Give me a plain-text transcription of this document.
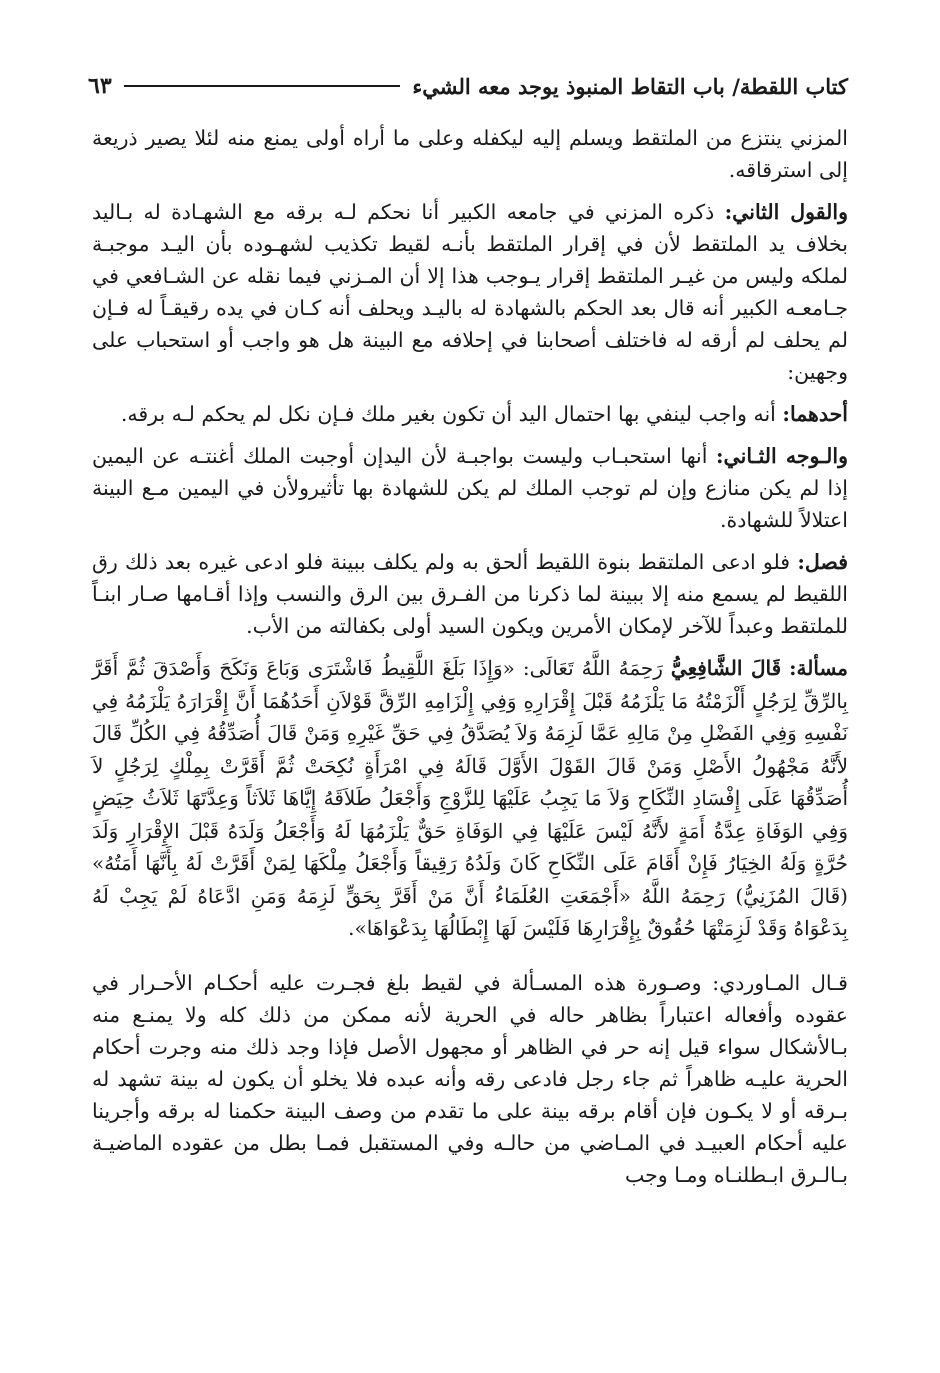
كتاب اللقطة/ باب التقاط المنبوذ يوجد معه الشيء
٦٣

المزني ينتزع من الملتقط ويسلم إليه ليكفله وعلى ما أراه أولى يمنع منه لئلا يصير ذريعة إلى استرقاقه.

والقول الثاني: ذكره المزني في جامعه الكبير أنا نحكم لـه برقه مع الشهـادة له بـاليد بخلاف يد الملتقط لأن في إقرار الملتقط بأنـه لقيط تكذيب لشهـوده بأن اليـد موجبـة لملكه وليس من غيـر الملتقط إقرار يـوجب هذا إلا أن المـزني فيما نقله عن الشـافعي في جـامعـه الكبير أنه قال بعد الحكم بالشهادة له باليـد ويحلف أنه كـان في يده رقيقـاً له فـإن لم يحلف لم أرقه له فاختلف أصحابنا في إحلافه مع البينة هل هو واجب أو استحباب على وجهين:

أحدهما: أنه واجب لينفي بها احتمال اليد أن تكون بغير ملك فـإن نكل لم يحكم لـه برقه.

والـوجه الثـاني: أنها استحبـاب وليست بواجبـة لأن اليدإن أوجبت الملك أغنتـه عن اليمين إذا لم يكن منازع وإن لم توجب الملك لم يكن للشهادة بها تأثيرولأن في اليمين مـع البينة اعتلالاً للشهادة.

فصل: فلو ادعى الملتقط بنوة اللقيط ألحق به ولم يكلف ببينة فلو ادعى غيره بعد ذلك رق اللقيط لم يسمع منه إلا ببينة لما ذكرنا من الفـرق بين الرق والنسب وإذا أقـامها صـار ابنـاً للملتقط وعبداً للآخر لإمكان الأمرين ويكون السيد أولى بكفالته من الأب.

مسألة: قَالَ الشَّافِعِيُّ رَحِمَهُ اللَّهُ تَعَالَى: «وَإِذَا بَلَغَ اللَّقِيطُ فَاشْتَرَى وَبَاعَ وَنَكَحَ وَأَصْدَقَ ثُمَّ أَقَرَّ بِالرِّقِّ لِرَجُلٍ أَلْزَمْتُهُ مَا يَلْزَمُهُ قَبْلَ إِقْرَارِهِ وَفِي إِلْزَامِهِ الرِّقَّ قَوْلاَنِ أَحَدُهُمَا أَنَّ إِقْرَارَهُ يَلْزَمُهُ فِي نَفْسِهِ وَفِي الفَضْلِ مِنْ مَالِهِ عَمَّا لَزِمَهُ وَلاَ يُصَدَّقُ فِي حَقِّ غَيْرِهِ وَمَنْ قَالَ أُصَدِّقُهُ فِي الكُلِّ قَالَ لأَنَّهُ مَجْهُولُ الأَصْلِ وَمَنْ قَالَ القَوْلَ الأَوَّلَ قَالَهُ فِي امْرَأَةٍ نُكِحَتْ ثُمَّ أَقَرَّتْ بِمِلْكٍ لِرَجُلٍ لاَ أُصَدِّقُهَا عَلَى إِفْسَادِ النِّكَاحِ وَلاَ مَا يَجِبُ عَلَيْهَا لِلزَّوْجِ وَأَجْعَلُ طَلاَقَهُ إِيَّاهَا ثَلاَثاً وَعِدَّتَهَا ثَلاَثُ حِيَضٍ وَفِي الوَفَاةِ عِدَّةُ أَمَةٍ لأَنَّهُ لَيْسَ عَلَيْهَا فِي الوَفَاةِ حَقٌّ يَلْزَمُهَا لَهُ وَأَجْعَلُ وَلَدَهُ قَبْلَ الإِقْرَارِ وَلَدَ حُرَّةٍ وَلَهُ الخِيَارُ فَإِنْ أَقَامَ عَلَى النِّكَاحِ كَانَ وَلَدُهُ رَقِيقاً وَأَجْعَلُ مِلْكَهَا لِمَنْ أَقَرَّتْ لَهُ بِأَنَّهَا أَمَتُهُ» (قَالَ المُزَنِيُّ) رَحِمَهُ اللَّهُ «أَجْمَعَتِ العُلَمَاءُ أَنَّ مَنْ أَقَرَّ بِحَقٍّ لَزِمَهُ وَمَنِ ادَّعَاهُ لَمْ يَجِبْ لَهُ بِدَعْوَاهُ وَقَدْ لَزِمَتْهَا حُقُوقٌ بِإِقْرَارِهَا فَلَيْسَ لَهَا إِبْطَالُهَا بِدَعْوَاهَا».

قـال المـاوردي: وصـورة هذه المسـألة في لقيط بلغ فجـرت عليه أحكـام الأحـرار في عقوده وأفعاله اعتباراً بظاهر حاله في الحرية لأنه ممكن من ذلك كله ولا يمنـع منه بـالأشكال سواء قيل إنه حر في الظاهر أو مجهول الأصل فإذا وجد ذلك منه وجرت أحكام الحرية عليـه ظاهراً ثم جاء رجل فادعى رقه وأنه عبده فلا يخلو أن يكون له بينة تشهد له بـرقه أو لا يكـون فإن أقام برقه بينة على ما تقدم من وصف البينة حكمنا له برقه وأجرينا عليه أحكام العبيـد في المـاضي من حالـه وفي المستقبل فمـا بطل من عقوده الماضيـة بـالـرق ابـطلنـاه ومـا وجب
